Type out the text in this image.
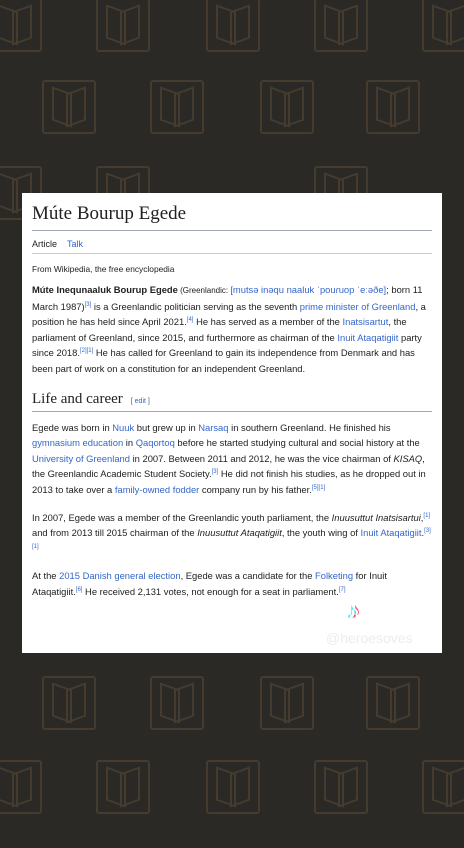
Múte Bourup Egede
Article Talk
From Wikipedia, the free encyclopedia

Múte Inequnaaluk Bourup Egede (Greenlandic: [mutsə inəqu naaluk ˈpouɾuop ˈeːəðe]; born 11 March 1987)[3] is a Greenlandic politician serving as the seventh prime minister of Greenland, a position he has held since April 2021.[4] He has served as a member of the Inatsisartut, the parliament of Greenland, since 2015, and furthermore as chairman of the Inuit Ataqatigiit party since 2018.[2][1] He has called for Greenland to gain its independence from Denmark and has been part of work on a constitution for an independent Greenland.

Life and career [ edit ]

Egede was born in Nuuk but grew up in Narsaq in southern Greenland. He finished his gymnasium education in Qaqortoq before he started studying cultural and social history at the University of Greenland in 2007. Between 2011 and 2012, he was the vice chairman of KISAQ, the Greenlandic Academic Student Society.[3] He did not finish his studies, as he dropped out in 2013 to take over a family-owned fodder company run by his father.[5][1]

In 2007, Egede was a member of the Greenlandic youth parliament, the Inuusuttut Inatsisartui,[1] and from 2013 till 2015 chairman of the Inuusuttut Ataqatigiit, the youth wing of Inuit Ataqatigiit.[3][1]

At the 2015 Danish general election, Egede was a candidate for the Folketing for Inuit Ataqatigiit.[6] He received 2,131 votes, not enough for a seat in parliament.[7]

♪ TikTok
@heroesoves
